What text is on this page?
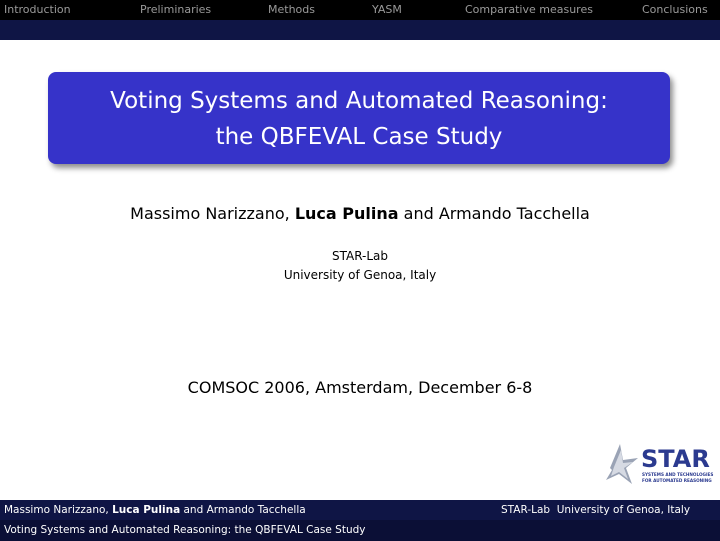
Introduction	Preliminaries	Methods	YASM	Comparative measures	Conclusions
Voting Systems and Automated Reasoning:
the QBFEVAL Case Study
Massimo Narizzano, Luca Pulina and Armando Tacchella
STAR-Lab
University of Genoa, Italy
COMSOC 2006, Amsterdam, December 6-8
STAR
SYSTEMS AND TECHNOLOGIES
FOR AUTOMATED REASONING
Massimo Narizzano, Luca Pulina and Armando Tacchella	STAR-Lab  University of Genoa, Italy
Voting Systems and Automated Reasoning: the QBFEVAL Case Study
